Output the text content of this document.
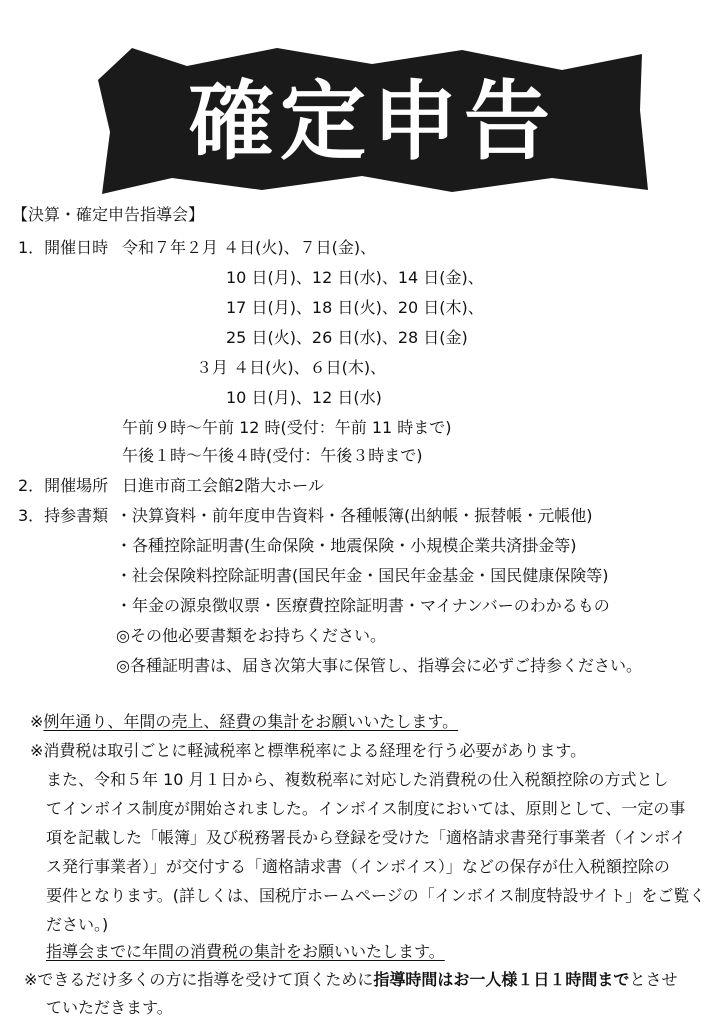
確定申告
【決算・確定申告指導会】
1．開催日時 令和７年２月 ４日(火)、７日(金)、
10 日(月)、12 日(水)、14 日(金)、
17 日(月)、18 日(火)、20 日(木)、
25 日(火)、26 日(水)、28 日(金)
３月 ４日(火)、６日(木)、
10 日(月)、12 日(水)
午前９時～午前 12 時(受付：午前 11 時まで)
午後１時～午後４時(受付：午後３時まで)
2．開催場所 日進市商工会館2階大ホール
3．持参書類 ・決算資料・前年度申告資料・各種帳簿(出納帳・振替帳・元帳他)
・各種控除証明書(生命保険・地震保険・小規模企業共済掛金等)
・社会保険料控除証明書(国民年金・国民年金基金・国民健康保険等)
・年金の源泉徴収票・医療費控除証明書・マイナンバーのわかるもの
◎その他必要書類をお持ちください。
◎各種証明書は、届き次第大事に保管し、指導会に必ずご持参ください。
※例年通り、年間の売上、経費の集計をお願いいたします。
※消費税は取引ごとに軽減税率と標準税率による経理を行う必要があります。
また、令和５年 10 月１日から、複数税率に対応した消費税の仕入税額控除の方式とし
てインボイス制度が開始されました。インボイス制度においては、原則として、一定の事
項を記載した「帳簿」及び税務署長から登録を受けた「適格請求書発行事業者（インボイ
ス発行事業者）」が交付する「適格請求書（インボイス）」などの保存が仕入税額控除の
要件となります。(詳しくは、国税庁ホームページの「インボイス制度特設サイト」をご覧く
ださい。)
指導会までに年間の消費税の集計をお願いいたします。
※できるだけ多くの方に指導を受けて頂くために指導時間はお一人様１日１時間までとさせ
ていただきます。
